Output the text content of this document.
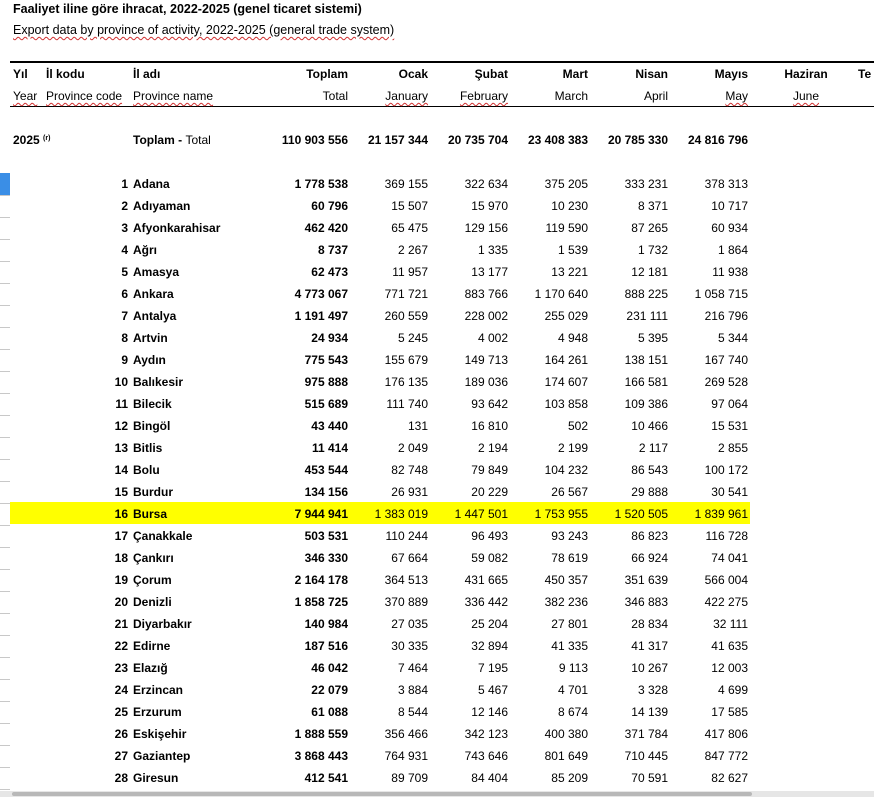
Faaliyet iline göre ihracat, 2022-2025 (genel ticaret sistemi)
Export data by province of activity, 2022-2025 (general trade system)
Yıl İl kodu	İl adı	Toplam	Ocak	Şubat	Mart	Nisan	Mayıs	Haziran	Te
Year Province code Province name	Total	January	February	March	April	May	June
2025 $^{(r)}$	Toplam - Total	110 903 556	21 157 344	20 735 704	23 408 383	20 785 330	24 816 796
1 Adana	1 778 538	369 155	322 634	375 205	333 231	378 313
2 Adıyaman	60 796	15 507	15 970	10 230	8 371	10 717
3 Afyonkarahisar	462 420	65 475	129 156	119 590	87 265	60 934
4 Ağrı	8 737	2 267	1 335	1 539	1 732	1 864
5 Amasya	62 473	11 957	13 177	13 221	12 181	11 938
6 Ankara	4 773 067	771 721	883 766	1 170 640	888 225	1 058 715
7 Antalya	1 191 497	260 559	228 002	255 029	231 111	216 796
8 Artvin	24 934	5 245	4 002	4 948	5 395	5 344
9 Aydın	775 543	155 679	149 713	164 261	138 151	167 740
10 Balıkesir	975 888	176 135	189 036	174 607	166 581	269 528
11 Bilecik	515 689	111 740	93 642	103 858	109 386	97 064
12 Bingöl	43 440	131	16 810	502	10 466	15 531
13 Bitlis	11 414	2 049	2 194	2 199	2 117	2 855
14 Bolu	453 544	82 748	79 849	104 232	86 543	100 172
15 Burdur	134 156	26 931	20 229	26 567	29 888	30 541
16 Bursa	7 944 941	1 383 019	1 447 501	1 753 955	1 520 505	1 839 961
17 Çanakkale	503 531	110 244	96 493	93 243	86 823	116 728
18 Çankırı	346 330	67 664	59 082	78 619	66 924	74 041
19 Çorum	2 164 178	364 513	431 665	450 357	351 639	566 004
20 Denizli	1 858 725	370 889	336 442	382 236	346 883	422 275
21 Diyarbakır	140 984	27 035	25 204	27 801	28 834	32 111
22 Edirne	187 516	30 335	32 894	41 335	41 317	41 635
23 Elazığ	46 042	7 464	7 195	9 113	10 267	12 003
24 Erzincan	22 079	3 884	5 467	4 701	3 328	4 699
25 Erzurum	61 088	8 544	12 146	8 674	14 139	17 585
26 Eskişehir	1 888 559	356 466	342 123	400 380	371 784	417 806
27 Gaziantep	3 868 443	764 931	743 646	801 649	710 445	847 772
28 Giresun	412 541	89 709	84 404	85 209	70 591	82 627
